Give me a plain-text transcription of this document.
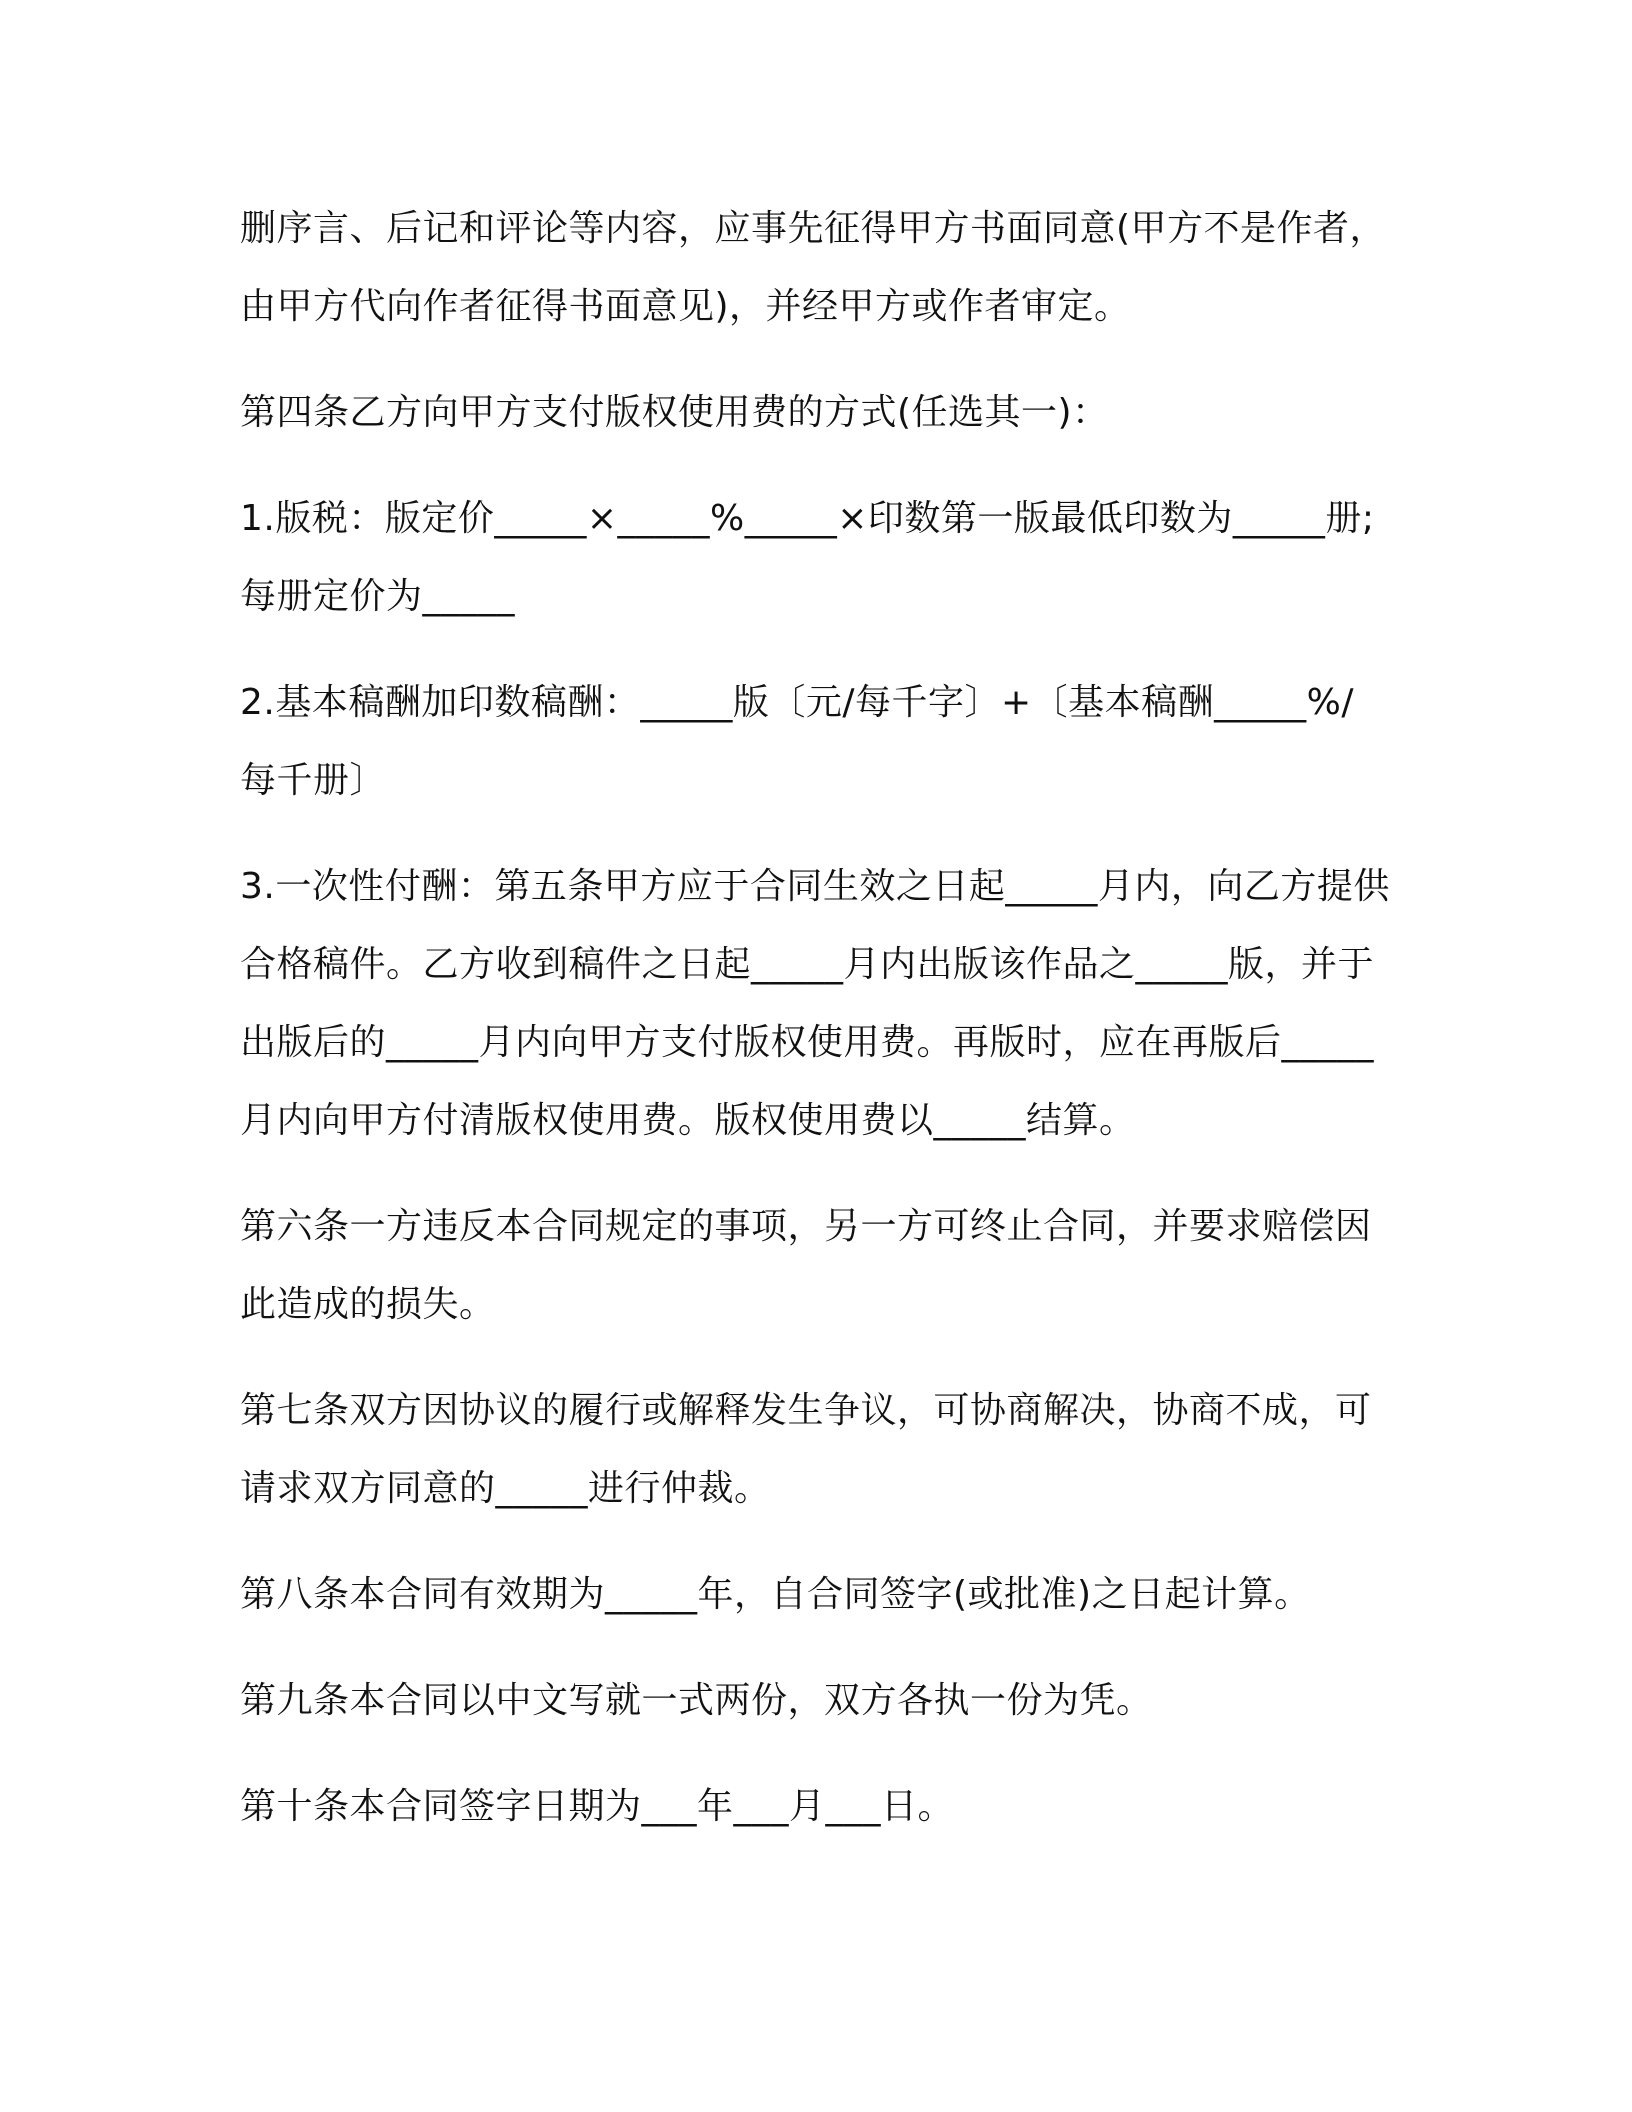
删序言、后记和评论等内容，应事先征得甲方书面同意(甲方不是作者，由甲方代向作者征得书面意见)，并经甲方或作者审定。

第四条乙方向甲方支付版权使用费的方式(任选其一)：

1.版税：版定价_____×_____%_____×印数第一版最低印数为_____册;每册定价为_____

2.基本稿酬加印数稿酬：_____版〔元/每千字〕+〔基本稿酬_____%/每千册〕

3.一次性付酬：第五条甲方应于合同生效之日起_____月内，向乙方提供合格稿件。乙方收到稿件之日起_____月内出版该作品之_____版，并于出版后的_____月内向甲方支付版权使用费。再版时，应在再版后_____月内向甲方付清版权使用费。版权使用费以_____结算。

第六条一方违反本合同规定的事项，另一方可终止合同，并要求赔偿因此造成的损失。

第七条双方因协议的履行或解释发生争议，可协商解决，协商不成，可请求双方同意的_____进行仲裁。

第八条本合同有效期为_____年，自合同签字(或批准)之日起计算。

第九条本合同以中文写就一式两份，双方各执一份为凭。

第十条本合同签字日期为___年___月___日。
